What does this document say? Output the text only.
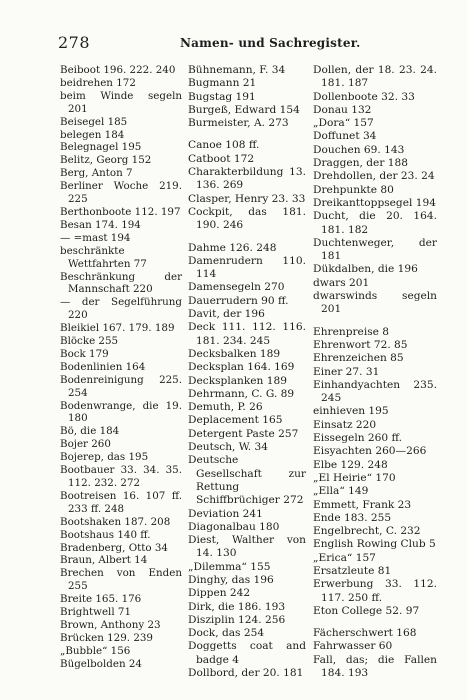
278	Namen- und Sachregister.

Beiboot 196. 222. 240

beidrehen 172

beim Winde segeln 201

Beisegel 185

belegen 184

Belegnagel 195

Belitz, Georg 152

Berg, Anton 7

Berliner Woche 219. 225

Berthonboote 112. 197

Besan 174. 194

— =mast 194

beschränkte Wettfahrten 77

Beschränkung der Mannschaft 220

— der Segelführung 220

Bleikiel 167. 179. 189

Blöcke 255

Bock 179

Bodenlinien 164

Bodenreinigung 225. 254

Bodenwrange, die 19. 180

Bö, die 184

Bojer 260

Bojerep, das 195

Bootbauer 33. 34. 35. 112. 232. 272

Bootreisen 16. 107 ff. 233 ff. 248

Bootshaken 187. 208

Bootshaus 140 ff.

Bradenberg, Otto 34

Braun, Albert 14

Brechen von Enden 255

Breite 165. 176

Brightwell 71

Brown, Anthony 23

Brücken 129. 239

„Bubble“ 156

Bügelbolden 24

Bühnemann, F. 34

Bugmann 21

Bugstag 191

Burgeß, Edward 154

Burmeister, A. 273

Canoe 108 ff.

Catboot 172

Charakterbildung 13. 136. 269

Clasper, Henry 23. 33

Cockpit, das 181. 190. 246

Dahme 126. 248

Damenrudern 110. 114

Damensegeln 270

Dauerrudern 90 ff.

Davit, der 196

Deck 111. 112. 116. 181. 234. 245

Decksbalken 189

Decksplan 164. 169

Decksplanken 189

Dehrmann, C. G. 89

Demuth, P. 26

Deplacement 165

Detergent Paste 257

Deutsch, W. 34

Deutsche Gesellschaft zur Rettung Schiffbrüchiger 272

Deviation 241

Diagonalbau 180

Diest, Walther von 14. 130

„Dilemma“ 155

Dinghy, das 196

Dippen 242

Dirk, die 186. 193

Disziplin 124. 256

Dock, das 254

Doggetts coat and badge 4

Dollbord, der 20. 181

Dollen, der 18. 23. 24. 181. 187

Dollenboote 32. 33

Donau 132

„Dora“ 157

Doffunet 34

Douchen 69. 143

Draggen, der 188

Drehdollen, der 23. 24

Drehpunkte 80

Dreikanttoppsegel 194

Ducht, die 20. 164. 181. 182

Duchtenweger, der 181

Dükdalben, die 196

dwars 201

dwarswinds segeln 201

Ehrenpreise 8

Ehrenwort 72. 85

Ehrenzeichen 85

Einer 27. 31

Einhandyachten 235. 245

einhieven 195

Einsatz 220

Eissegeln 260 ff.

Eisyachten 260—266

Elbe 129. 248

„El Heirie“ 170

„Ella“ 149

Emmett, Frank 23

Ende 183. 255

Engelbrecht, C. 232

English Rowing Club 5

„Erica“ 157

Ersatzleute 81

Erwerbung 33. 112. 117. 250 ff.

Eton College 52. 97

Fächerschwert 168

Fahrwasser 60

Fall, das; die Fallen 184. 193
